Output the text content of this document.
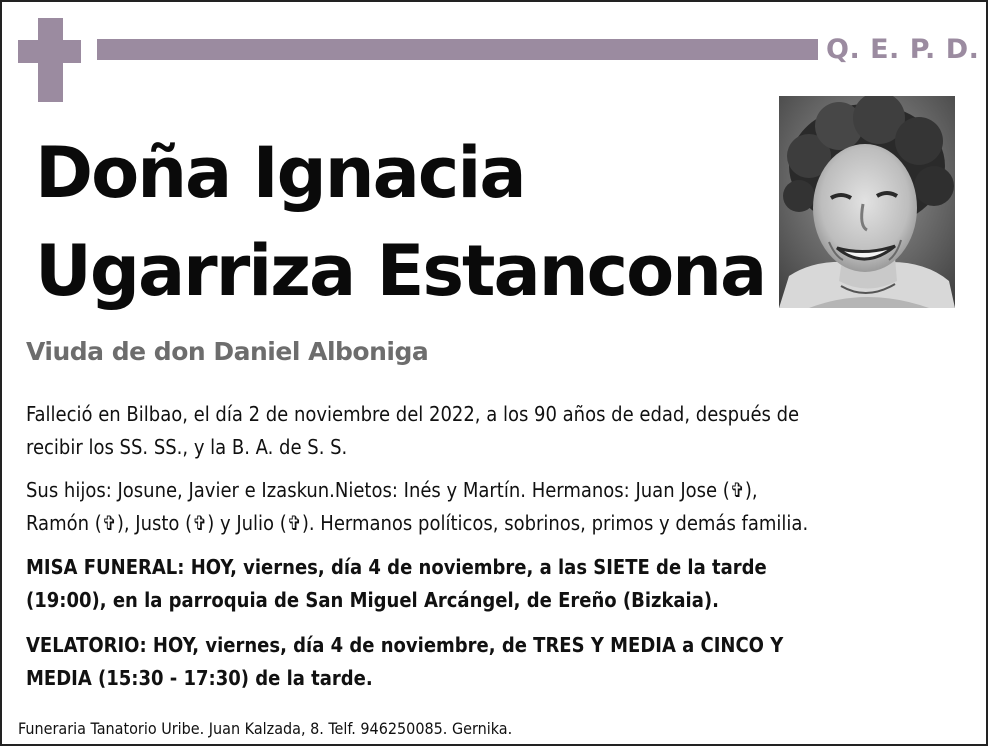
Q. E. P. D.
Doña Ignacia
Ugarriza Estancona
Viuda de don Daniel Alboniga
Falleció en Bilbao, el día 2 de noviembre del 2022, a los 90 años de edad, después de
recibir los SS. SS., y la B. A. de S. S.
Sus hijos: Josune, Javier e Izaskun.Nietos: Inés y Martín. Hermanos: Juan Jose (✞),
Ramón (✞), Justo (✞) y Julio (✞). Hermanos políticos, sobrinos, primos y demás familia.
MISA FUNERAL: HOY, viernes, día 4 de noviembre, a las SIETE de la tarde
(19:00), en la parroquia de San Miguel Arcángel, de Ereño (Bizkaia).
VELATORIO: HOY, viernes, día 4 de noviembre, de TRES Y MEDIA a CINCO Y
MEDIA (15:30 - 17:30) de la tarde.
Funeraria Tanatorio Uribe. Juan Kalzada, 8. Telf. 946250085. Gernika.
